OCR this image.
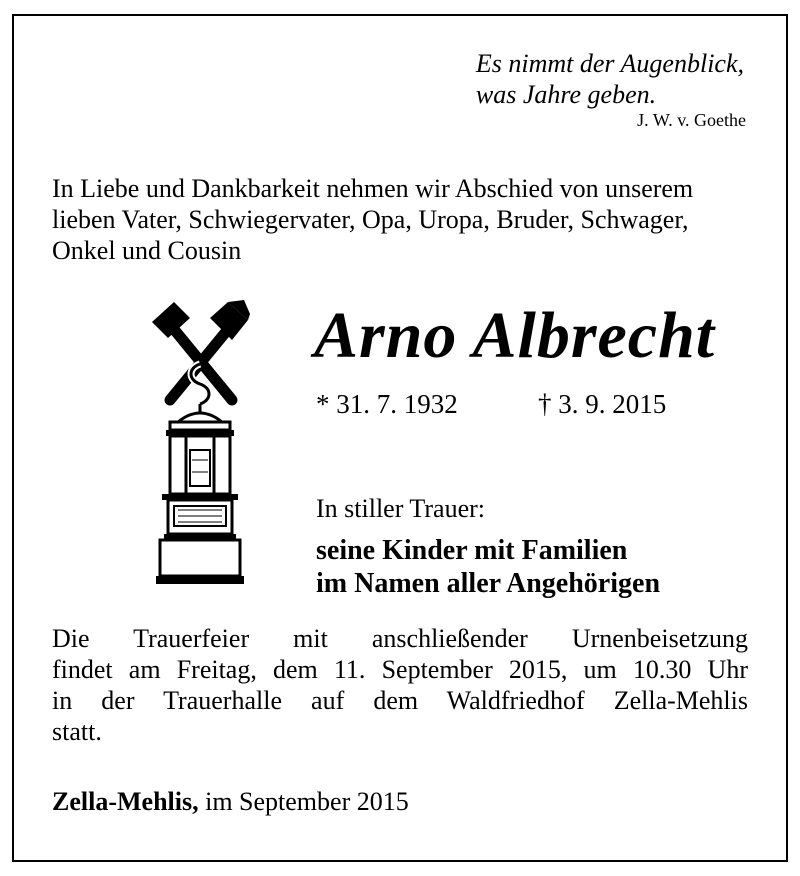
Es nimmt der Augenblick,
was Jahre geben.
J. W. v. Goethe
In Liebe und Dankbarkeit nehmen wir Abschied von unserem
lieben Vater, Schwiegervater, Opa, Uropa, Bruder, Schwager,
Onkel und Cousin
Arno Albrecht
* 31. 7. 1932	† 3. 9. 2015
In stiller Trauer:
seine Kinder mit Familien
im Namen aller Angehörigen
Die Trauerfeier mit anschließender Urnenbeisetzung
findet am Freitag, dem 11. September 2015, um 10.30 Uhr
in der Trauerhalle auf dem Waldfriedhof Zella-Mehlis
statt.
Zella-Mehlis, im September 2015
